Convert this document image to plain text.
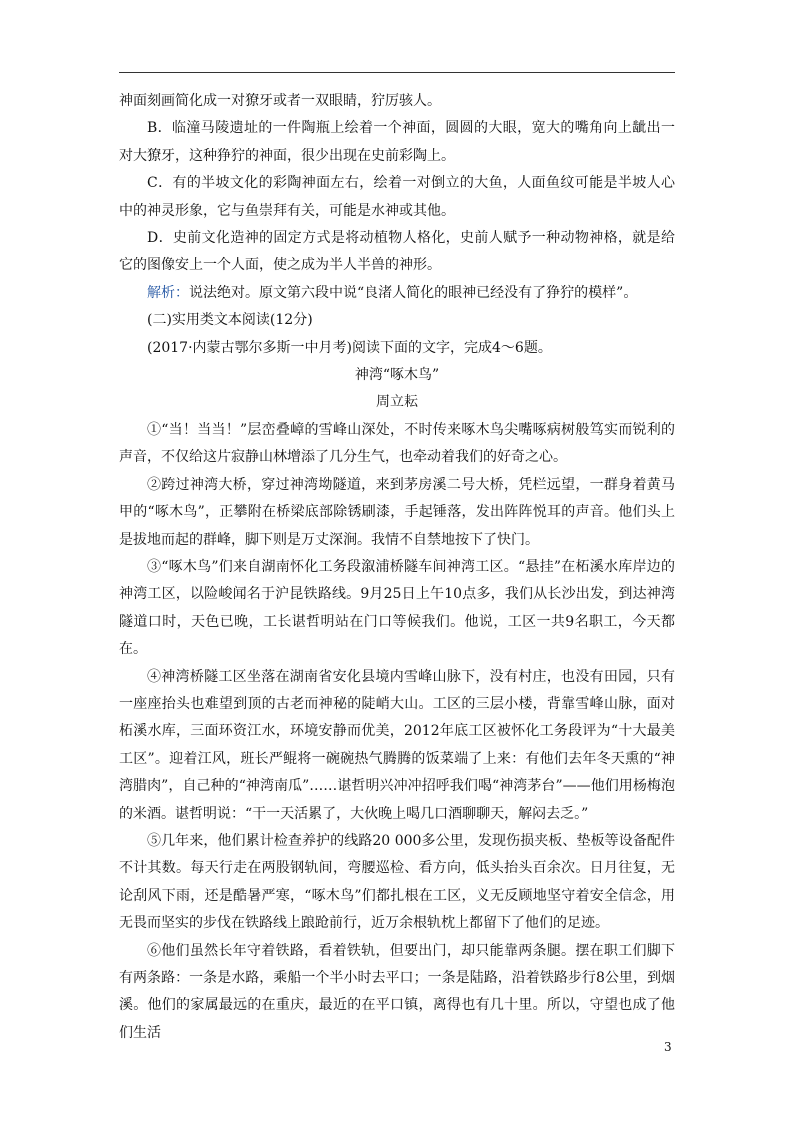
神面刻画简化成一对獠牙或者一双眼睛，狞厉骇人。

B．临潼马陵遗址的一件陶瓶上绘着一个神面，圆圆的大眼，宽大的嘴角向上龇出一对大獠牙，这种狰狞的神面，很少出现在史前彩陶上。

C．有的半坡文化的彩陶神面左右，绘着一对倒立的大鱼，人面鱼纹可能是半坡人心中的神灵形象，它与鱼崇拜有关，可能是水神或其他。

D．史前文化造神的固定方式是将动植物人格化，史前人赋予一种动物神格，就是给它的图像安上一个人面，使之成为半人半兽的神形。

解析：说法绝对。原文第六段中说“良渚人简化的眼神已经没有了狰狞的模样”。

(二)实用类文本阅读(12分)

(2017·内蒙古鄂尔多斯一中月考)阅读下面的文字，完成4～6题。

神湾“啄木鸟”

周立耘

①“当！当当！”层峦叠嶂的雪峰山深处，不时传来啄木鸟尖嘴啄病树般笃实而锐利的声音，不仅给这片寂静山林增添了几分生气，也牵动着我们的好奇之心。

②跨过神湾大桥，穿过神湾坳隧道，来到茅房溪二号大桥，凭栏远望，一群身着黄马甲的“啄木鸟”，正攀附在桥梁底部除锈刷漆，手起锤落，发出阵阵悦耳的声音。他们头上是拔地而起的群峰，脚下则是万丈深涧。我情不自禁地按下了快门。

③“啄木鸟”们来自湖南怀化工务段溆浦桥隧车间神湾工区。“悬挂”在柘溪水库岸边的神湾工区，以险峻闻名于沪昆铁路线。9月25日上午10点多，我们从长沙出发，到达神湾隧道口时，天色已晚，工长谌哲明站在门口等候我们。他说，工区一共9名职工，今天都在。

④神湾桥隧工区坐落在湖南省安化县境内雪峰山脉下，没有村庄，也没有田园，只有一座座抬头也难望到顶的古老而神秘的陡峭大山。工区的三层小楼，背靠雪峰山脉，面对柘溪水库，三面环资江水，环境安静而优美，2012年底工区被怀化工务段评为“十大最美工区”。迎着江风，班长严鲲将一碗碗热气腾腾的饭菜端了上来：有他们去年冬天熏的“神湾腊肉”，自己种的“神湾南瓜”……谌哲明兴冲冲招呼我们喝“神湾茅台”——他们用杨梅泡的米酒。谌哲明说：“干一天活累了，大伙晚上喝几口酒聊聊天，解闷去乏。”

⑤几年来，他们累计检查养护的线路20 000多公里，发现伤损夹板、垫板等设备配件不计其数。每天行走在两股钢轨间，弯腰巡检、看方向，低头抬头百余次。日月往复，无论刮风下雨，还是酷暑严寒，“啄木鸟”们都扎根在工区，义无反顾地坚守着安全信念，用无畏而坚实的步伐在铁路线上踉跄前行，近万余根轨枕上都留下了他们的足迹。

⑥他们虽然长年守着铁路，看着铁轨，但要出门，却只能靠两条腿。摆在职工们脚下有两条路：一条是水路，乘船一个半小时去平口；一条是陆路，沿着铁路步行8公里，到烟溪。他们的家属最远的在重庆，最近的在平口镇，离得也有几十里。所以，守望也成了他们生活

3
